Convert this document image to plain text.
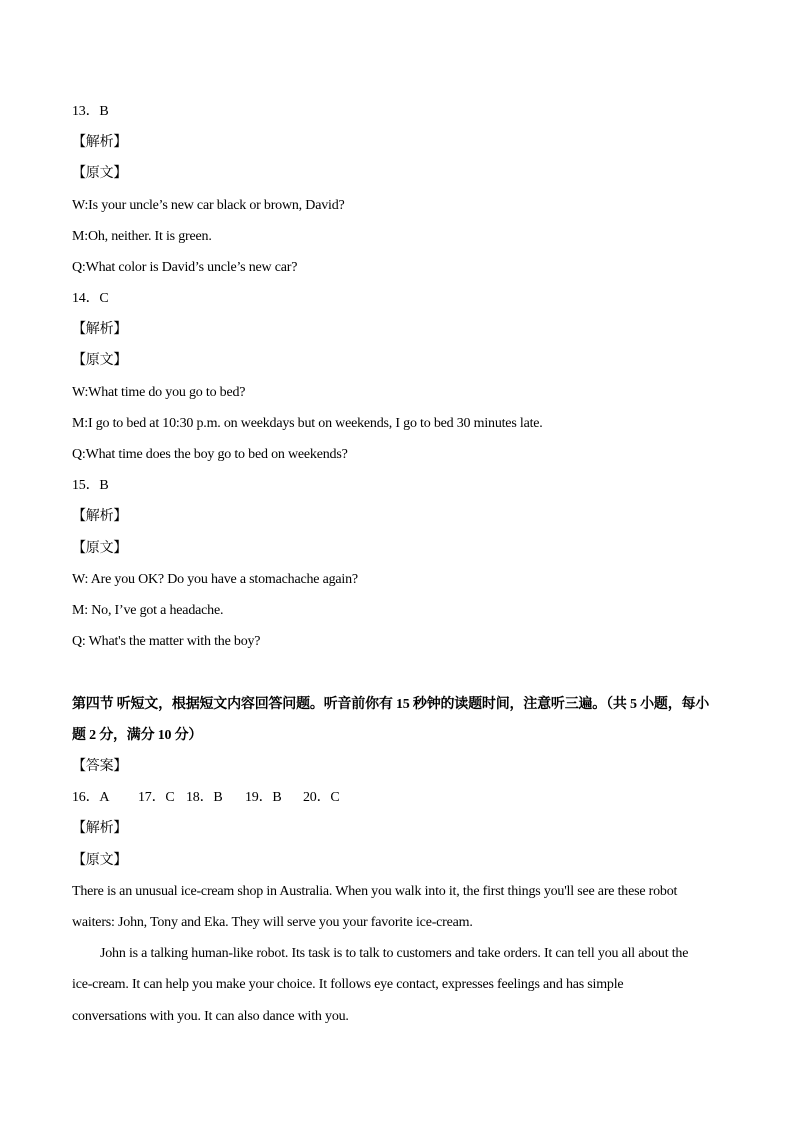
13．B
【解析】
【原文】
W:Is your uncle’s new car black or brown, David?
M:Oh, neither. It is green.
Q:What color is David’s uncle’s new car?
14．C
【解析】
【原文】
W:What time do you go to bed?
M:I go to bed at 10:30 p.m. on weekdays but on weekends, I go to bed 30 minutes late.
Q:What time does the boy go to bed on weekends?
15．B
【解析】
【原文】
W: Are you OK? Do you have a stomachache again?
M: No, I’ve got a headache.
Q: What's the matter with the boy?
第四节 听短文，根据短文内容回答问题。听音前你有 15 秒钟的读题时间，注意听三遍。（共 5 小题，每小
题 2 分，满分 10 分）
【答案】
16．A 17．C 18．B 19．B 20．C
【解析】
【原文】
There is an unusual ice-cream shop in Australia. When you walk into it, the first things you'll see are these robot
waiters: John, Tony and Eka. They will serve you your favorite ice-cream.
John is a talking human-like robot. Its task is to talk to customers and take orders. It can tell you all about the
ice-cream. It can help you make your choice. It follows eye contact, expresses feelings and has simple
conversations with you. It can also dance with you.
